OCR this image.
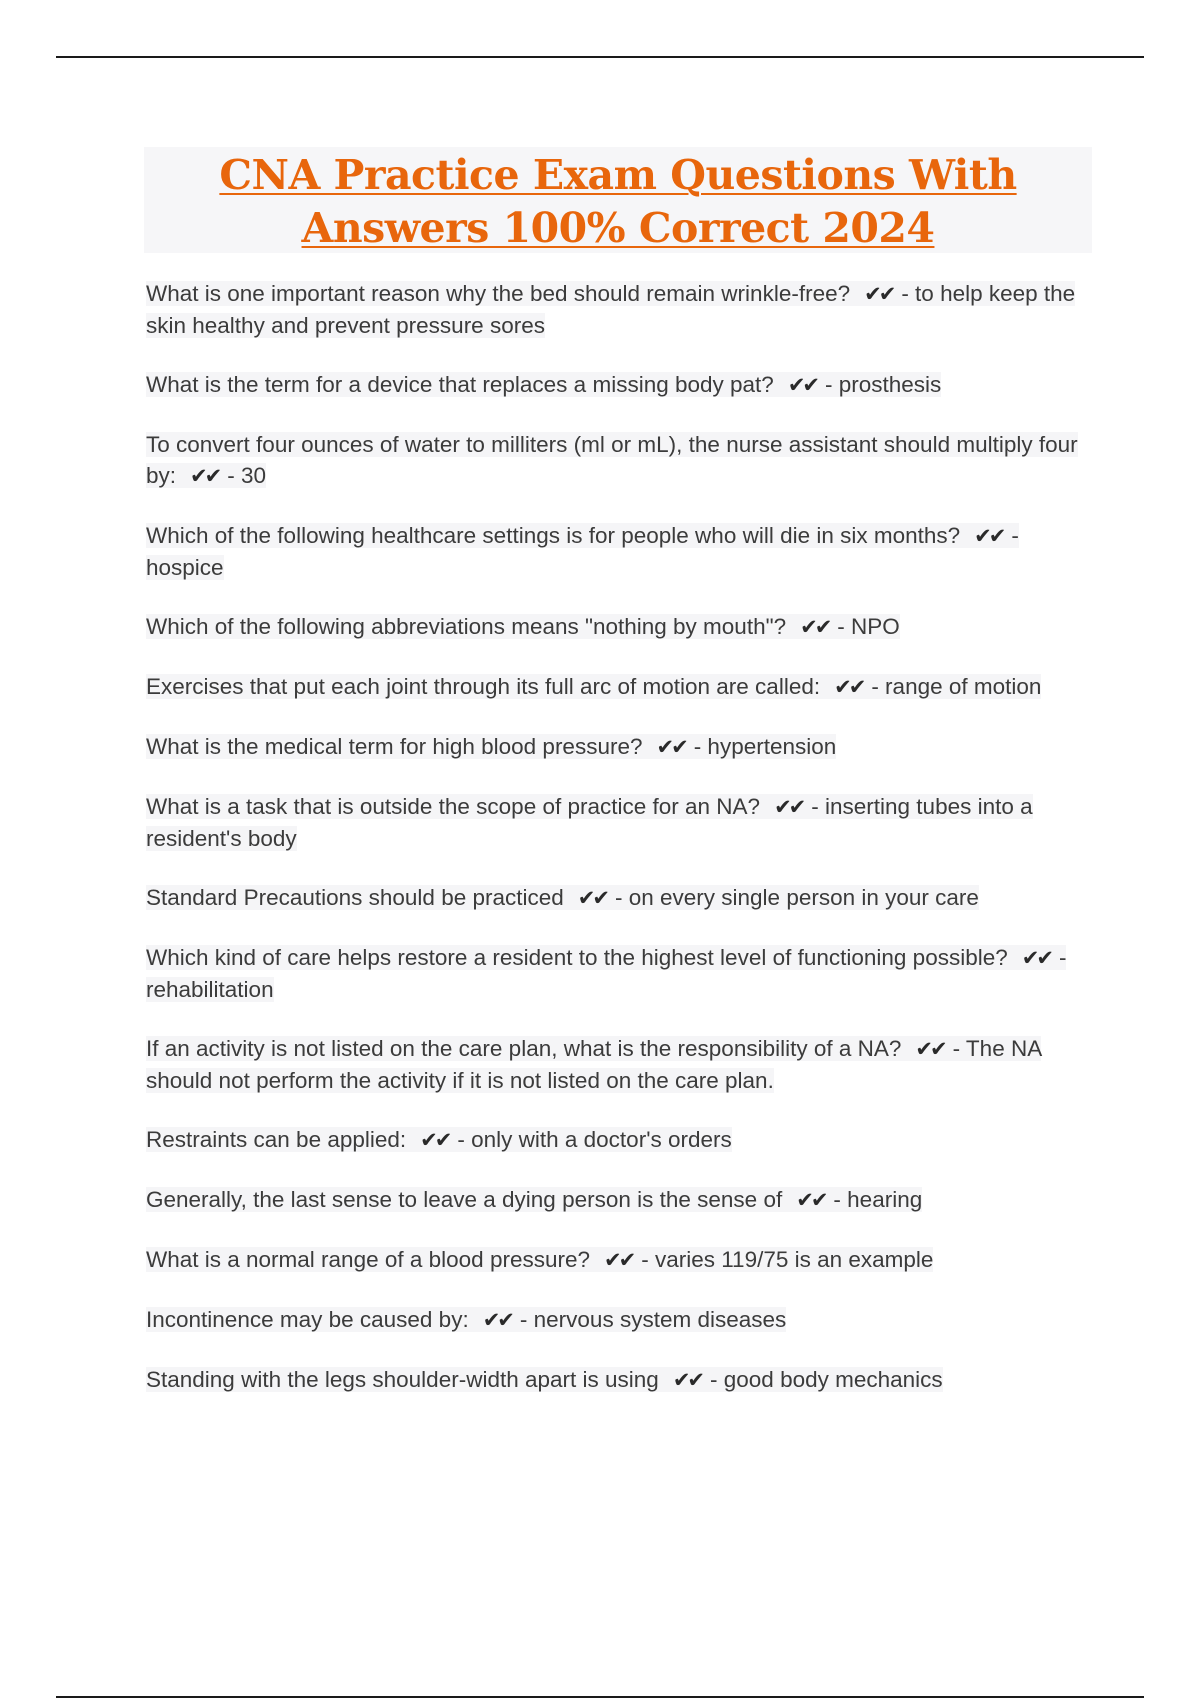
CNA Practice Exam Questions With Answers 100% Correct 2024

What is one important reason why the bed should remain wrinkle-free? ✔✔ - to help keep the skin healthy and prevent pressure sores

What is the term for a device that replaces a missing body pat? ✔✔ - prosthesis

To convert four ounces of water to milliters (ml or mL), the nurse assistant should multiply four by: ✔✔ - 30

Which of the following healthcare settings is for people who will die in six months? ✔✔ - hospice

Which of the following abbreviations means "nothing by mouth"? ✔✔ - NPO

Exercises that put each joint through its full arc of motion are called: ✔✔ - range of motion

What is the medical term for high blood pressure? ✔✔ - hypertension

What is a task that is outside the scope of practice for an NA? ✔✔ - inserting tubes into a resident's body

Standard Precautions should be practiced ✔✔ - on every single person in your care

Which kind of care helps restore a resident to the highest level of functioning possible? ✔✔ - rehabilitation

If an activity is not listed on the care plan, what is the responsibility of a NA? ✔✔ - The NA should not perform the activity if it is not listed on the care plan.

Restraints can be applied: ✔✔ - only with a doctor's orders

Generally, the last sense to leave a dying person is the sense of ✔✔ - hearing

What is a normal range of a blood pressure? ✔✔ - varies 119/75 is an example

Incontinence may be caused by: ✔✔ - nervous system diseases

Standing with the legs shoulder-width apart is using ✔✔ - good body mechanics
